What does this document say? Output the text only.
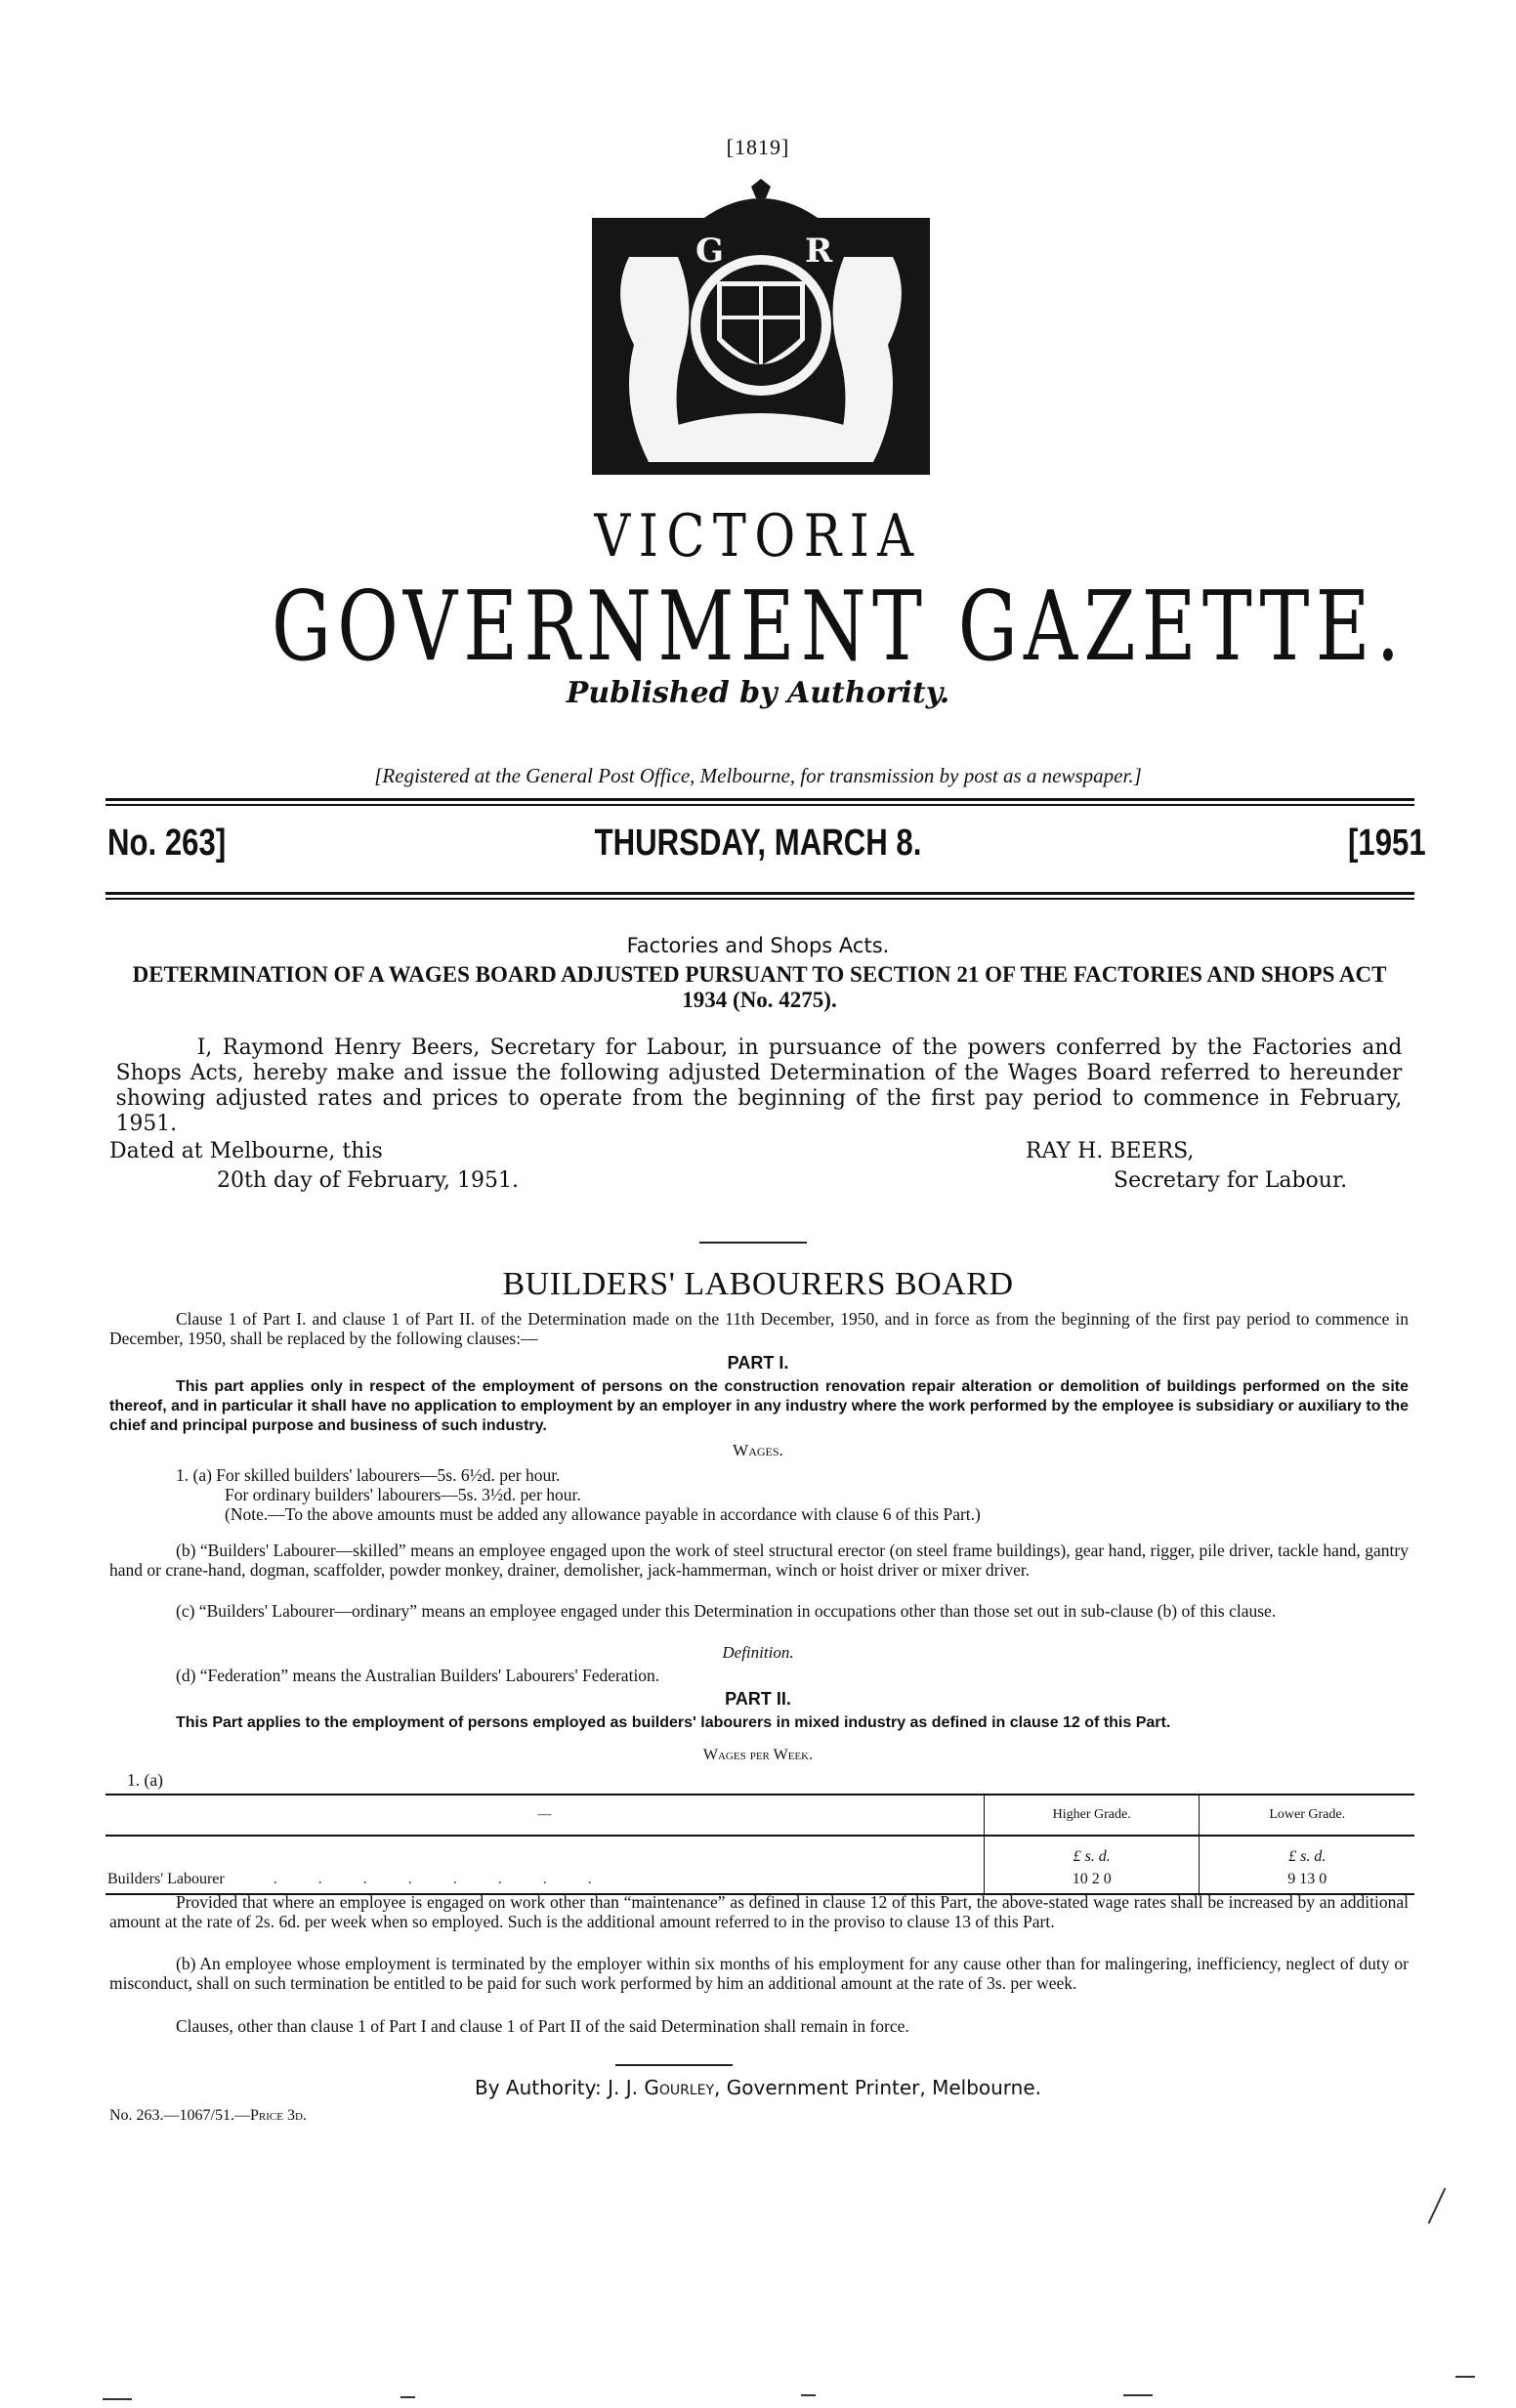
[1819]
G R
VICTORIA
GOVERNMENT GAZETTE.
Published by Authority.
[Registered at the General Post Office, Melbourne, for transmission by post as a newspaper.]
No. 263]	THURSDAY, MARCH 8.	[1951
Factories and Shops Acts.
DETERMINATION OF A WAGES BOARD ADJUSTED PURSUANT TO SECTION 21 OF THE FACTORIES AND SHOPS ACT 1934 (No. 4275).
I, Raymond Henry Beers, Secretary for Labour, in pursuance of the powers conferred by the Factories and Shops Acts, hereby make and issue the following adjusted Determination of the Wages Board referred to hereunder showing adjusted rates and prices to operate from the beginning of the first pay period to commence in February, 1951.
Dated at Melbourne, this
20th day of February, 1951.
RAY H. BEERS,
Secretary for Labour.
BUILDERS' LABOURERS BOARD
Clause 1 of Part I. and clause 1 of Part II. of the Determination made on the 11th December, 1950, and in force as from the beginning of the first pay period to commence in December, 1950, shall be replaced by the following clauses:—
PART I.
This part applies only in respect of the employment of persons on the construction renovation repair alteration or demolition of buildings performed on the site thereof, and in particular it shall have no application to employment by an employer in any industry where the work performed by the employee is subsidiary or auxiliary to the chief and principal purpose and business of such industry.
Wages.
1. (a) For skilled builders' labourers—5s. 6½d. per hour.
For ordinary builders' labourers—5s. 3½d. per hour.
(Note.—To the above amounts must be added any allowance payable in accordance with clause 6 of this Part.)
(b) “Builders' Labourer—skilled” means an employee engaged upon the work of steel structural erector (on steel frame buildings), gear hand, rigger, pile driver, tackle hand, gantry hand or crane-hand, dogman, scaffolder, powder monkey, drainer, demolisher, jack-hammerman, winch or hoist driver or mixer driver.
(c) “Builders' Labourer—ordinary” means an employee engaged under this Determination in occupations other than those set out in sub-clause (b) of this clause.
Definition.
(d) “Federation” means the Australian Builders' Labourers' Federation.
PART II.
This Part applies to the employment of persons employed as builders' labourers in mixed industry as defined in clause 12 of this Part.
Wages per Week.
1. (a)
—	Higher Grade.	Lower Grade.
	£ s. d.	£ s. d.
Builders' Labourer ........	10 2 0	9 13 0
Provided that where an employee is engaged on work other than “maintenance” as defined in clause 12 of this Part, the above-stated wage rates shall be increased by an additional amount at the rate of 2s. 6d. per week when so employed. Such is the additional amount referred to in the proviso to clause 13 of this Part.
(b) An employee whose employment is terminated by the employer within six months of his employment for any cause other than for malingering, inefficiency, neglect of duty or misconduct, shall on such termination be entitled to be paid for such work performed by him an additional amount at the rate of 3s. per week.
Clauses, other than clause 1 of Part I and clause 1 of Part II of the said Determination shall remain in force.
By Authority: J. J. Gourley, Government Printer, Melbourne.
No. 263.—1067/51.—Price 3d.
